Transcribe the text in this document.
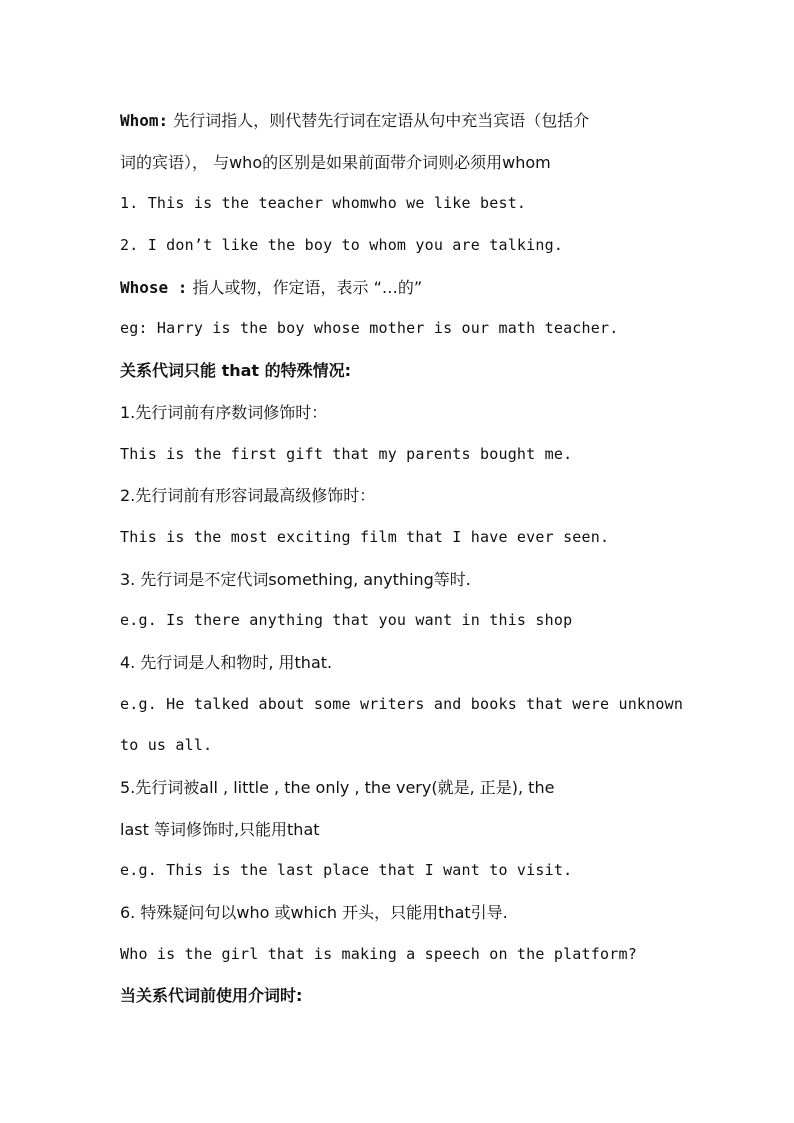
Whom: 先行词指人，则代替先行词在定语从句中充当宾语（包括介
词的宾语）， 与who的区别是如果前面带介词则必须用whom
1. This is the teacher whomwho we like best.
2. I don’t like the boy to whom you are talking.
Whose : 指人或物，作定语，表示 “…的”
eg: Harry is the boy whose mother is our math teacher.
关系代词只能 that 的特殊情况:
1.先行词前有序数词修饰时：
This is the first gift that my parents bought me.
2.先行词前有形容词最高级修饰时：
This is the most exciting film that I have ever seen.
3. 先行词是不定代词something, anything等时.
e.g. Is there anything that you want in this shop
4. 先行词是人和物时, 用that.
e.g. He talked about some writers and books that were unknown
to us all.
5.先行词被all , little , the only , the very(就是, 正是), the
last 等词修饰时,只能用that
e.g. This is the last place that I want to visit.
6. 特殊疑问句以who 或which 开头，只能用that引导.
Who is the girl that is making a speech on the platform?
当关系代词前使用介词时:
